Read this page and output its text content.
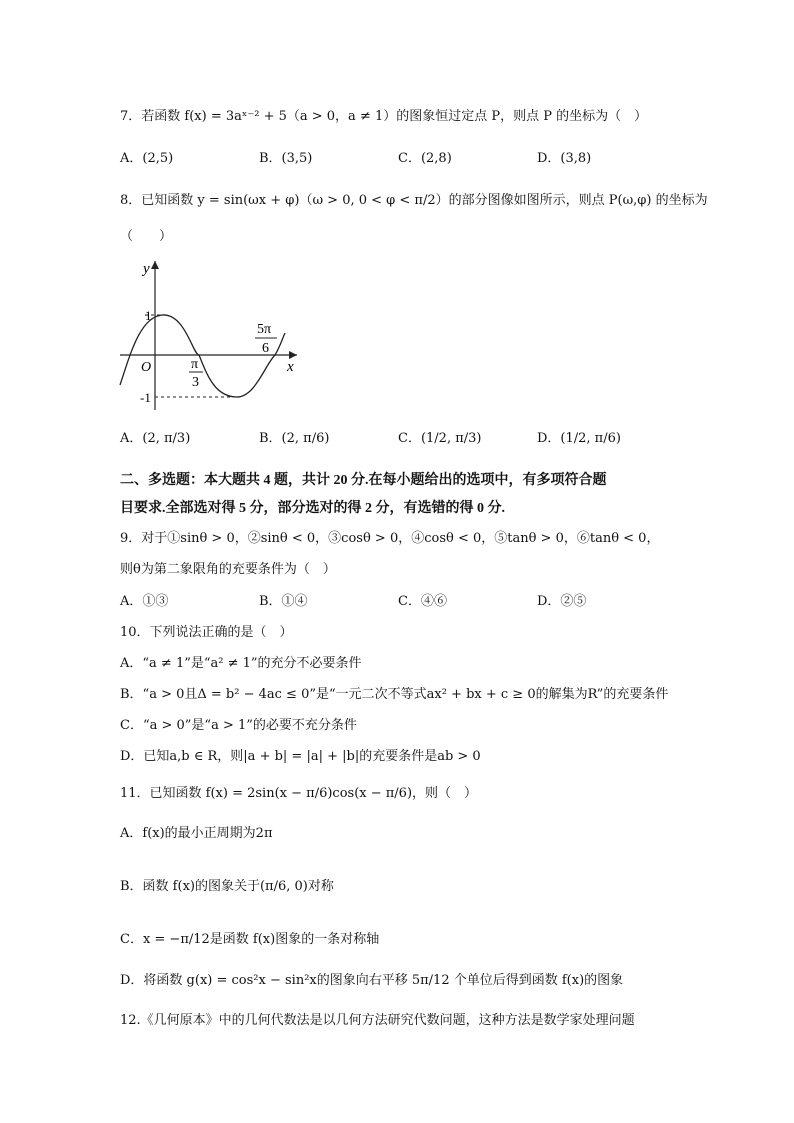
7．若函数 f(x) = 3aˣ⁻² + 5（a > 0，a ≠ 1）的图象恒过定点 P，则点 P 的坐标为（　）
A．(2,5)	B．(3,5)	C．(2,8)	D．(3,8)
8．已知函数 y = sin(ωx + φ)（ω > 0, 0 < φ < π/2）的部分图像如图所示，则点 P(ω,φ) 的坐标为
（　　）
y
x
O
1
-1
π
3
5π
6
A．(2, π/3)	B．(2, π/6)	C．(1/2, π/3)	D．(1/2, π/6)
二、多选题：本大题共 4 题，共计 20 分.在每小题给出的选项中，有多项符合题
目要求.全部选对得 5 分，部分选对的得 2 分，有选错的得 0 分.
9．对于①sinθ > 0，②sinθ < 0，③cosθ > 0，④cosθ < 0，⑤tanθ > 0，⑥tanθ < 0，
则θ为第二象限角的充要条件为（　）
A．①③	B．①④	C．④⑥	D．②⑤
10．下列说法正确的是（　）
A．“a ≠ 1”是“a² ≠ 1”的充分不必要条件
B．“a > 0且Δ = b² − 4ac ≤ 0”是“一元二次不等式ax² + bx + c ≥ 0的解集为R”的充要条件
C．“a > 0”是“a > 1”的必要不充分条件
D．已知a,b ∈ R，则|a + b| = |a| + |b|的充要条件是ab > 0
11．已知函数 f(x) = 2sin(x − π/6)cos(x − π/6)，则（　）
A．f(x)的最小正周期为2π
B．函数 f(x)的图象关于(π/6, 0)对称
C．x = −π/12是函数 f(x)图象的一条对称轴
D．将函数 g(x) = cos²x − sin²x的图象向右平移 5π/12 个单位后得到函数 f(x)的图象
12.《几何原本》中的几何代数法是以几何方法研究代数问题，这种方法是数学家处理问题
